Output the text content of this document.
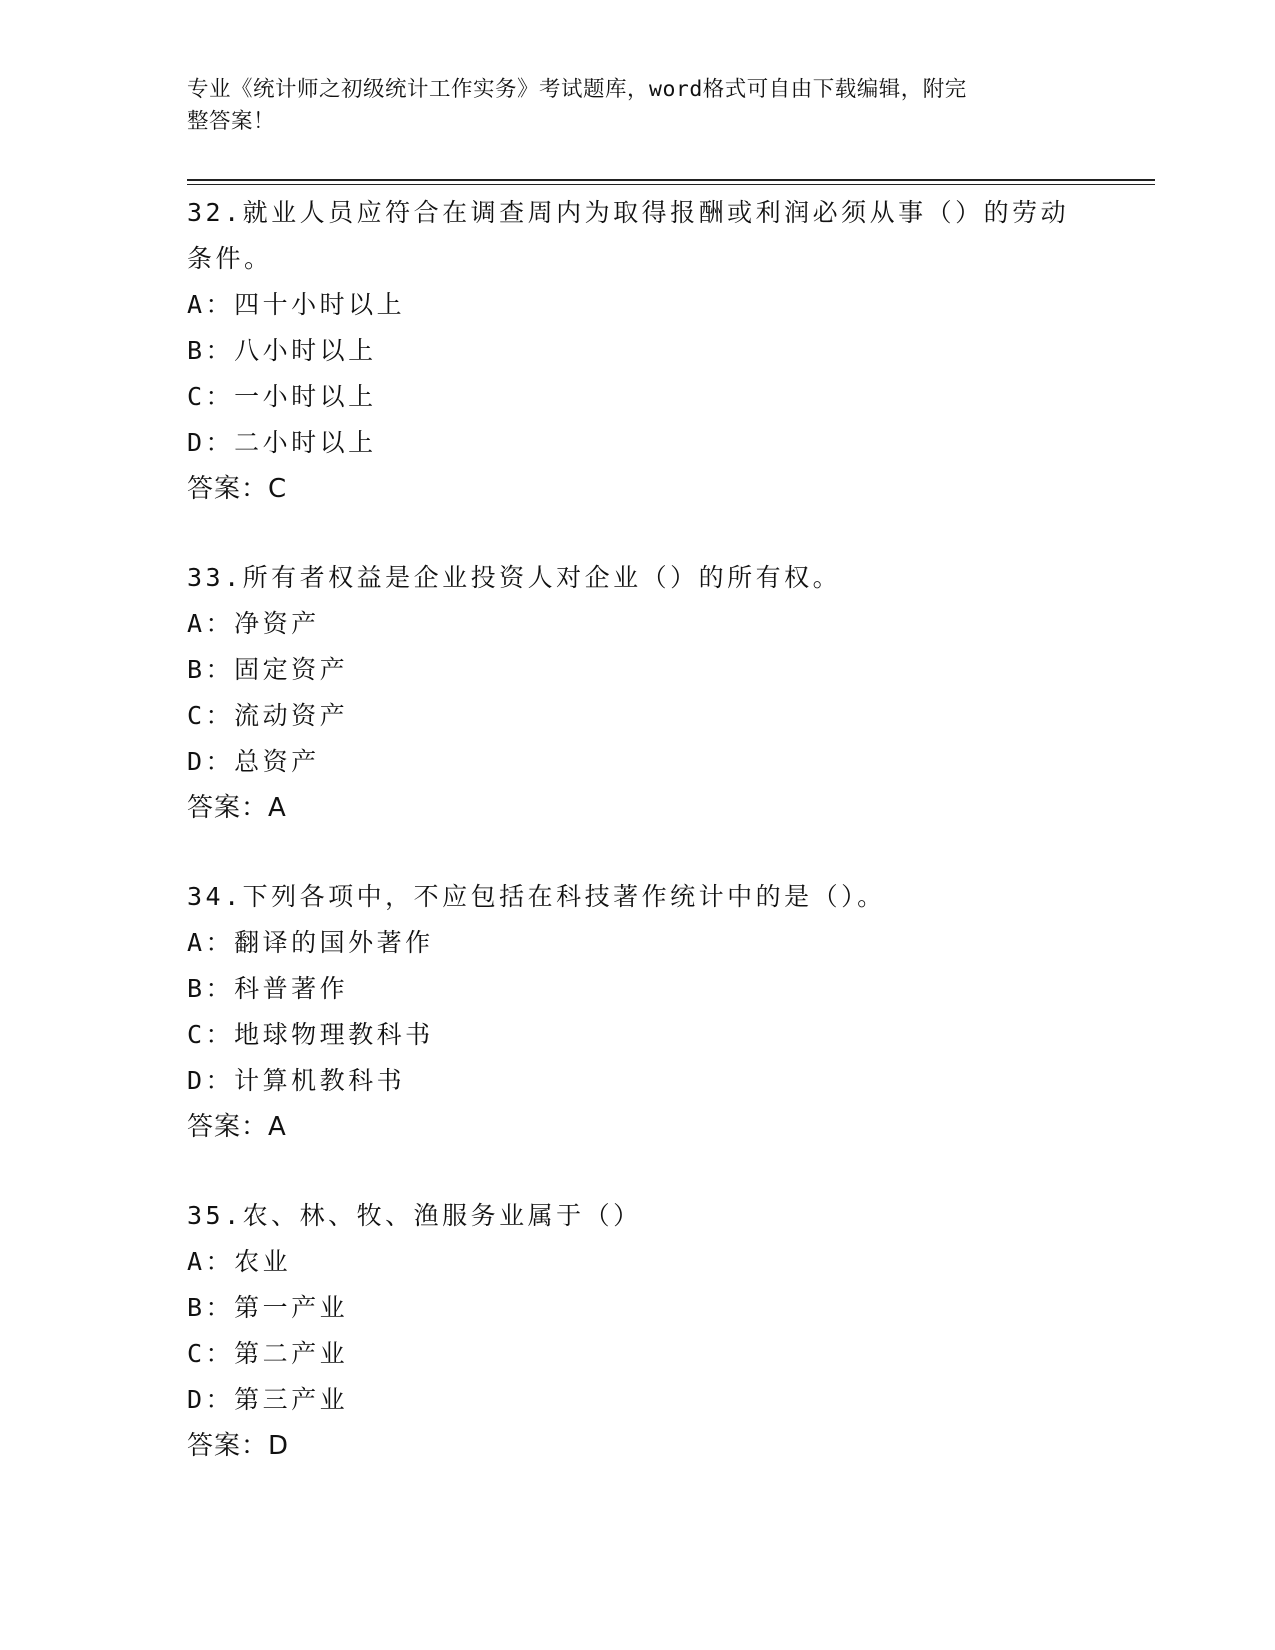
专业《统计师之初级统计工作实务》考试题库，word格式可自由下载编辑，附完
整答案！
32.就业人员应符合在调查周内为取得报酬或利润必须从事（）的劳动
条件。
A：四十小时以上
B：八小时以上
C：一小时以上
D：二小时以上
答案：C
33.所有者权益是企业投资人对企业（）的所有权。
A：净资产
B：固定资产
C：流动资产
D：总资产
答案：A
34.下列各项中，不应包括在科技著作统计中的是（）。
A：翻译的国外著作
B：科普著作
C：地球物理教科书
D：计算机教科书
答案：A
35.农、林、牧、渔服务业属于（）
A：农业
B：第一产业
C：第二产业
D：第三产业
答案：D
